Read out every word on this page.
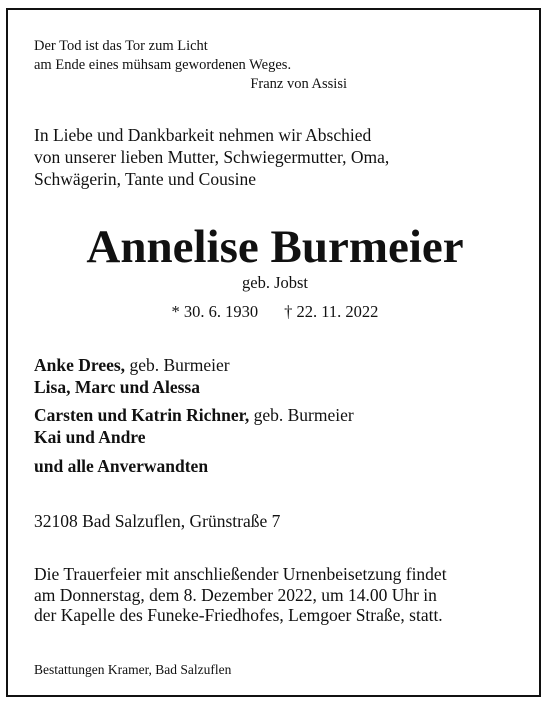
Der Tod ist das Tor zum Licht
am Ende eines mühsam gewordenen Weges.
Franz von Assisi
In Liebe und Dankbarkeit nehmen wir Abschied
von unserer lieben Mutter, Schwiegermutter, Oma,
Schwägerin, Tante und Cousine
Annelise Burmeier
geb. Jobst
* 30. 6. 1930 † 22. 11. 2022
Anke Drees, geb. Burmeier
Lisa, Marc und Alessa
Carsten und Katrin Richner, geb. Burmeier
Kai und Andre
und alle Anverwandten
32108 Bad Salzuflen, Grünstraße 7
Die Trauerfeier mit anschließender Urnenbeisetzung findet
am Donnerstag, dem 8. Dezember 2022, um 14.00 Uhr in
der Kapelle des Funeke-Friedhofes, Lemgoer Straße, statt.
Bestattungen Kramer, Bad Salzuflen
